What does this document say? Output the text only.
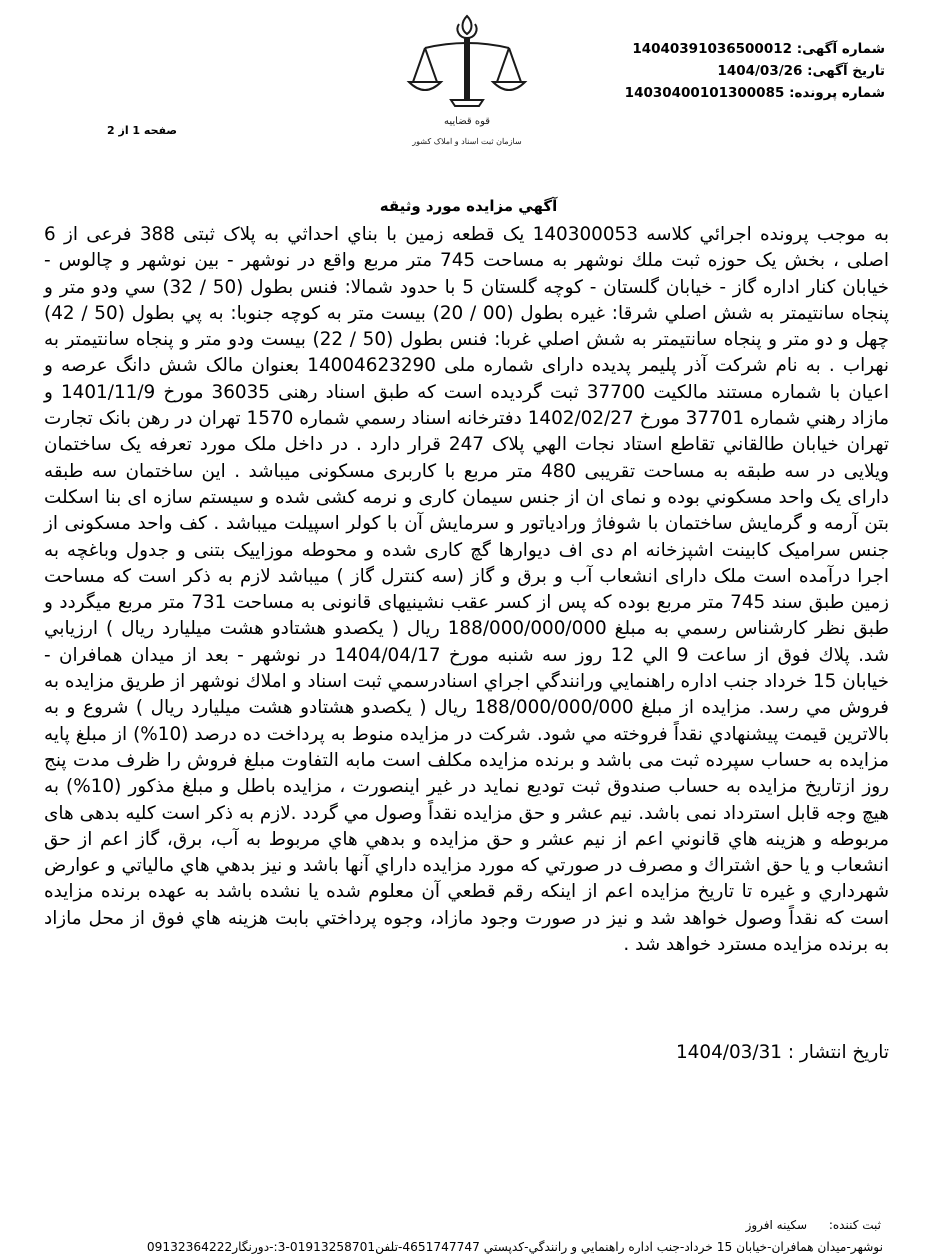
شماره آگهی: 14040391036500012
تاریخ آگهی: 1404/03/26
شماره پرونده: 14030400101300085
قوه قضاییه
سازمان ثبت اسناد و املاک کشور
صفحه 1 از 2
آگهي مزايده مورد وثيقه
به موجب پرونده اجرائي كلاسه 140300053 يک قطعه زمين با بناي احداثي به پلاک ثبتی 388 فرعی از 6 اصلی ، بخش يک حوزه ثبت ملك نوشهر به مساحت 745 متر مربع واقع در نوشهر - بين نوشهر و چالوس - خيابان كنار اداره گاز - خيابان گلستان - کوچه گلستان 5 با حدود شمالا: فنس بطول (50 / 32) سي ودو متر و پنجاه سانتيمتر به شش اصلي شرقا: غيره بطول (00 / 20) بيست متر به كوچه جنوبا: به پي بطول (50 / 42) چهل و دو متر و پنجاه سانتيمتر به شش اصلي غربا: فنس بطول (50 / 22) بيست ودو متر و پنجاه سانتيمتر به نهراب . به نام شرکت آذر پلیمر پدیده دارای شماره ملی 14004623290 بعنوان مالک شش دانگ عرصه و اعيان با شماره مستند مالكيت 37700 ثبت گرديده است كه طبق اسناد رهنی 36035 مورخ 1401/11/9 و مازاد رهني شماره 37701 مورخ 1402/02/27 دفترخانه اسناد رسمي شماره 1570 تهران در رهن بانک تجارت تهران خيابان طالقاني تقاطع استاد نجات الهي پلاک 247 قرار دارد . در داخل ملک مورد تعرفه يک ساختمان ويلايی در سه طبقه به مساحت تقريبی 480 متر مربع با کاربری مسکونی ميباشد . اين ساختمان سه طبقه دارای يک واحد مسکوني بوده و نمای ان از جنس سيمان کاری و نرمه کشی شده و سيستم سازه ای بنا اسکلت بتن آرمه و گرمايش ساختمان با شوفاژ ورادياتور و سرمايش آن با کولر اسپيلت ميباشد . کف واحد مسکونی از جنس سراميک کابينت اشپزخانه ام دی اف ديوارها گچ کاری شده و محوطه موزاييک بتنی و جدول وباغچه به اجرا درآمده است ملک دارای انشعاب آب و برق و گاز (سه کنترل گاز ) ميباشد لازم به ذکر است که مساحت زمين طبق سند 745 متر مربع بوده که پس از کسر عقب نشينيهای قانونی به مساحت 731 متر مربع ميگردد و طبق نظر كارشناس رسمي به مبلغ 188/000/000/000 ريال ( يكصدو هشتادو هشت ميليارد ريال ) ارزيابي شد. پلاك فوق از ساعت 9 الي 12 روز سه شنبه مورخ 1404/04/17 در نوشهر - بعد از ميدان همافران - خيابان 15 خرداد جنب اداره راهنمايي ورانندگي اجراي اسنادرسمي ثبت اسناد و املاك نوشهر از طريق مزايده به فروش مي رسد. مزايده از مبلغ 188/000/000/000 ريال ( يكصدو هشتادو هشت ميليارد ريال ) شروع و به بالاترين قيمت پيشنهادي نقداً فروخته مي شود. شركت در مزايده منوط به پرداخت ده درصد (10%) از مبلغ پايه مزايده به حساب سپرده ثبت می باشد و برنده مزايده مكلف است مابه التفاوت مبلغ فروش را ظرف مدت پنج روز ازتاريخ مزايده به حساب صندوق ثبت توديع نمايد در غير اينصورت ، مزايده باطل و مبلغ مذكور (10%) به هيچ وجه قابل استرداد نمی باشد. نيم عشر و حق مزايده نقداً وصول مي گردد .لازم به ذكر است كليه بدهی های مربوطه و هزينه هاي قانوني اعم از نيم عشر و حق مزايده و بدهي هاي مربوط به آب، برق، گاز اعم از حق انشعاب و يا حق اشتراك و مصرف در صورتي كه مورد مزايده داراي آنها باشد و نيز بدهي هاي مالياتي و عوارض شهرداري و غيره تا تاريخ مزايده اعم از اينكه رقم قطعي آن معلوم شده يا نشده باشد به عهده برنده مزايده است كه نقداً وصول خواهد شد و نيز در صورت وجود مازاد، وجوه پرداختي بابت هزينه هاي فوق از محل مازاد به برنده مزايده مسترد خواهد شد .
تاريخ انتشار : 1404/03/31
ثبت کننده: سکینه افروز
نوشهر-ميدان همافران-خيابان 15 خرداد-جنب اداره راهنمايي و رانندگي-كدپستي 4651747747-تلفن01913258701-3:-دورنگار09132364222
